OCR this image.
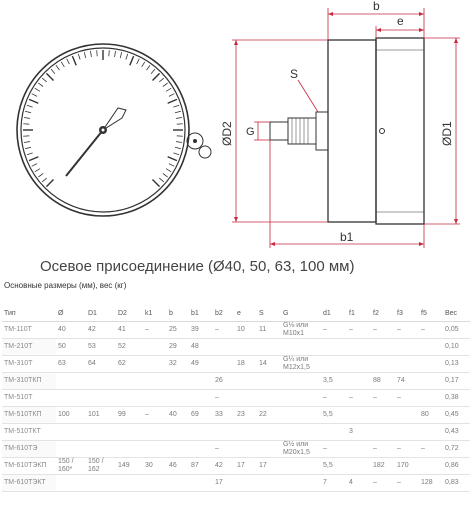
b
e
S
G
b1
ØD2	ØD1
Осевое присоединение (Ø40, 50, 63, 100 мм)
Основные размеры (мм), вес (кг)
Тип	Ø	D1	D2	k1	b	b1	b2	e	S	G	d1	f1	f2	f3	f5	Вес
ТМ-110Т	40	42	41	–	25	39	–	10	11	G⅛ или М10х1	–	–	–	–	–	0,05
ТМ-210Т	50	53	52		29	48										0,10
ТМ-310Т	63	64	62		32	49		18	14	G¼ или М12х1,5						0,13
ТМ-310ТКП							26				3,5		88	74		0,17
ТМ-510Т							–				–	–	–	–		0,38
ТМ-510ТКП	100	101	99	–	40	69	33	23	22		5,5				80	0,45
ТМ-510ТКТ												3				0,43
ТМ-610ТЭ							–			G½ или М20х1,5	–		–	–	–	0,72
ТМ-610ТЭКП	150 / 160*	150 / 162	149	30	46	87	42	17	17		5,5		182	170		0,86
ТМ-610ТЭКТ							17				7	4	–	–	128	0,83
